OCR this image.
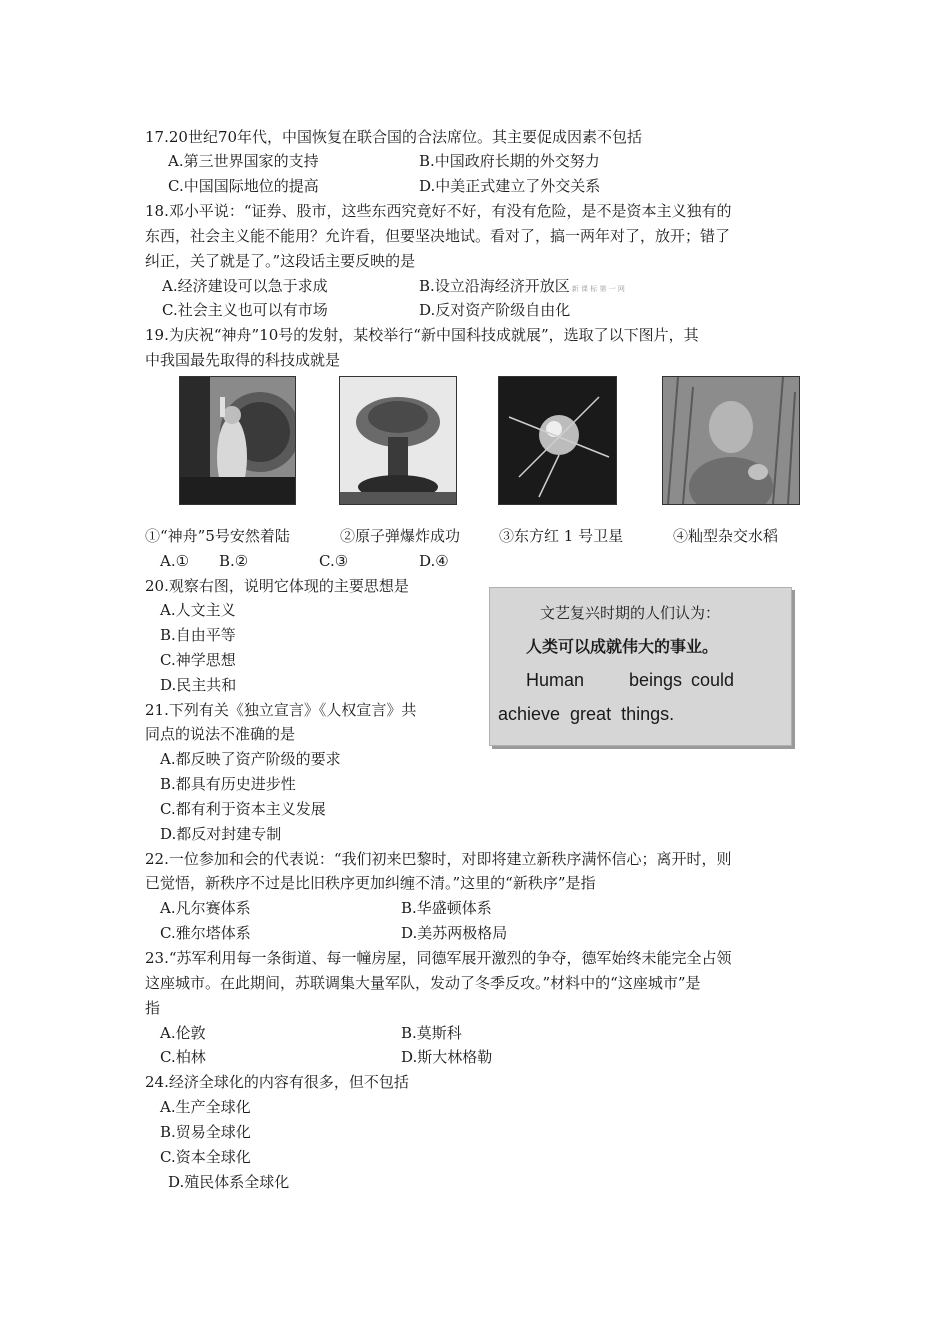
17.20世纪70年代，中国恢复在联合国的合法席位。其主要促成因素不包括
A.第三世界国家的支持	B.中国政府长期的外交努力
C.中国国际地位的提高	D.中美正式建立了外交关系
18.邓小平说：“证券、股市，这些东西究竟好不好，有没有危险，是不是资本主义独有的
东西，社会主义能不能用？允许看，但要坚决地试。看对了，搞一两年对了，放开；错了
纠正，关了就是了。”这段话主要反映的是
A.经济建设可以急于求成	B.设立沿海经济开放区 新 课 标 第 一 网
C.社会主义也可以有市场	D.反对资产阶级自由化
19.为庆祝“神舟”10号的发射，某校举行“新中国科技成就展”，选取了以下图片，其
中我国最先取得的科技成就是
①“神舟”5号安然着陆	②原子弹爆炸成功	③东方红 1 号卫星	④籼型杂交水稻
A.① B.②	C.③	D.④
20.观察右图，说明它体现的主要思想是
A.人文主义
B.自由平等
C.神学思想
D.民主共和
文艺复兴时期的人们认为：
人类可以成就伟大的事业。
Human beings could
achieve  great  things.
21.下列有关《独立宣言》《人权宣言》共
同点的说法不准确的是
A.都反映了资产阶级的要求
B.都具有历史进步性
C.都有利于资本主义发展
D.都反对封建专制
22.一位参加和会的代表说：“我们初来巴黎时，对即将建立新秩序满怀信心；离开时，则
已觉悟，新秩序不过是比旧秩序更加纠缠不清。”这里的“新秩序”是指
A.凡尔赛体系	B.华盛顿体系
C.雅尔塔体系	D.美苏两极格局
23.“苏军利用每一条街道、每一幢房屋，同德军展开激烈的争夺，德军始终未能完全占领
这座城市。在此期间，苏联调集大量军队，发动了冬季反攻。”材料中的“这座城市”是
指
A.伦敦	B.莫斯科
C.柏林	D.斯大林格勒
24.经济全球化的内容有很多，但不包括
A.生产全球化
B.贸易全球化
C.资本全球化
D.殖民体系全球化
